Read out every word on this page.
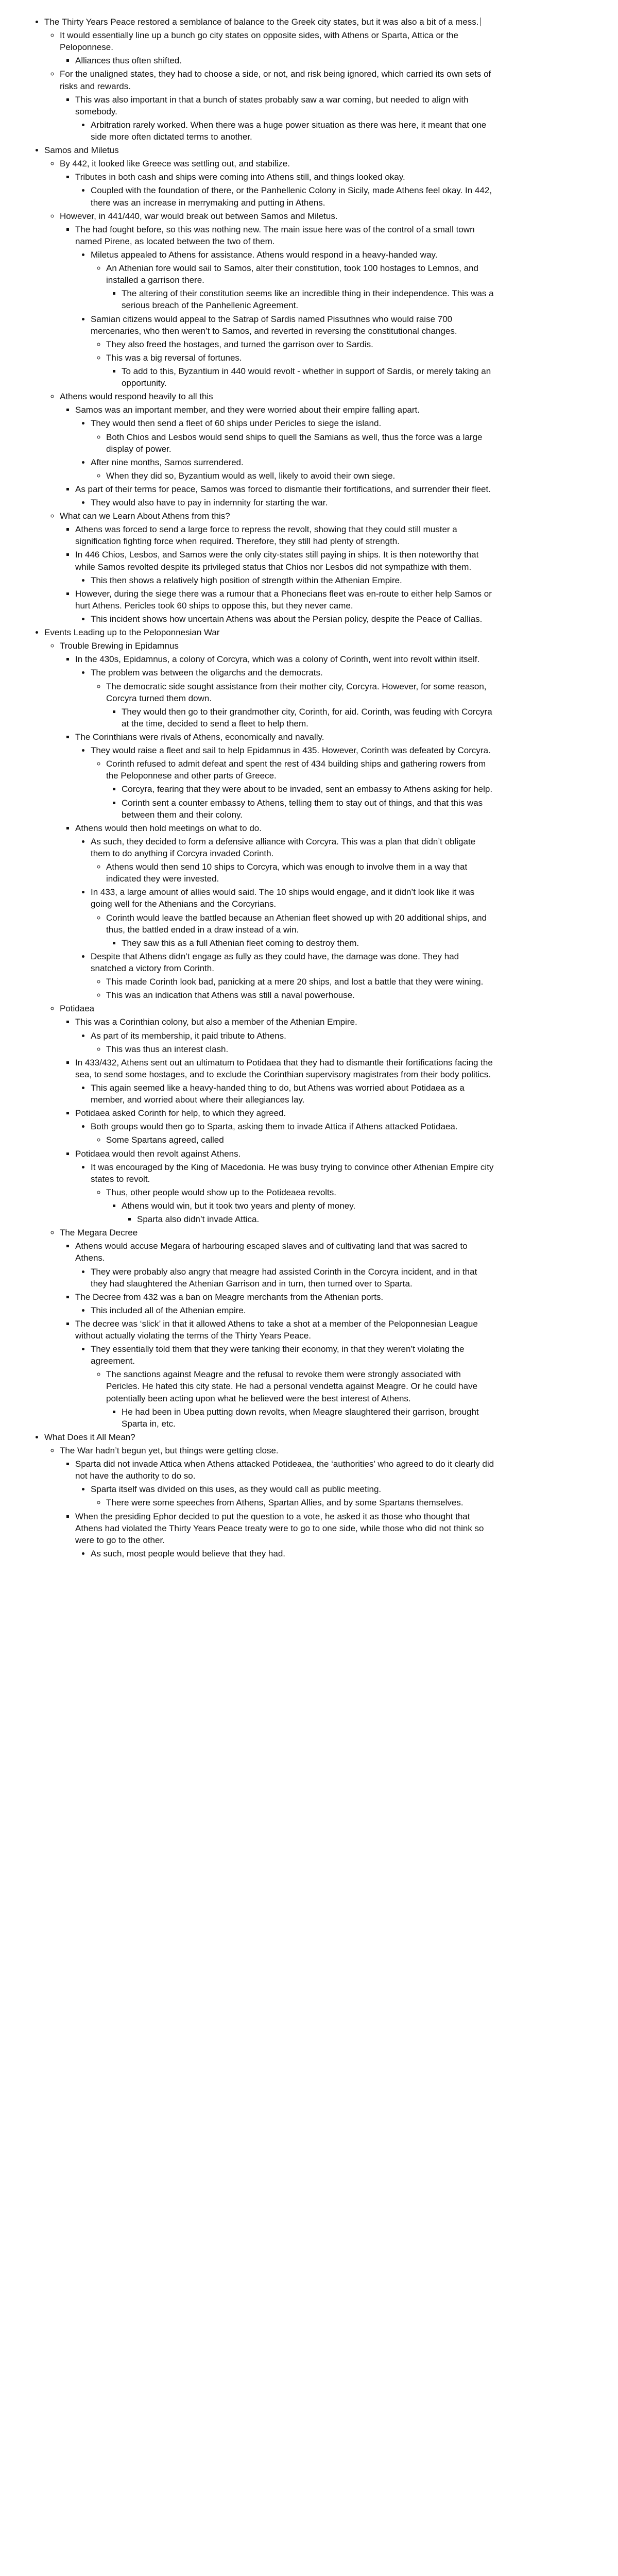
• The Thirty Years Peace restored a semblance of balance to the Greek city states, but it was also a bit of a mess.
◦ It would essentially line up a bunch go city states on opposite sides, with Athens or Sparta, Attica or the Peloponnese.
▪ Alliances thus often shifted.
◦ For the unaligned states, they had to choose a side, or not, and risk being ignored, which carried its own sets of risks and rewards.
▪ This was also important in that a bunch of states probably saw a war coming, but needed to align with somebody.
• Arbitration rarely worked. When there was a huge power situation as there was here, it meant that one side more often dictated terms to another.
• Samos and Miletus
◦ By 442, it looked like Greece was settling out, and stabilize.
▪ Tributes in both cash and ships were coming into Athens still, and things looked okay.
• Coupled with the foundation of there, or the Panhellenic Colony in Sicily, made Athens feel okay. In 442, there was an increase in merrymaking and putting in Athens.
◦ However, in 441/440, war would break out between Samos and Miletus.
▪ The had fought before, so this was nothing new. The main issue here was of the control of a small town named Pirene, as located between the two of them.
• Miletus appealed to Athens for assistance. Athens would respond in a heavy-handed way.
◦ An Athenian fore would sail to Samos, alter their constitution, took 100 hostages to Lemnos, and installed a garrison there.
▪ The altering of their constitution seems like an incredible thing in their independence. This was a serious breach of the Panhellenic Agreement.
• Samian citizens would appeal to the Satrap of Sardis named Pissuthnes who would raise 700 mercenaries, who then weren’t to Samos, and reverted in reversing the constitutional changes.
◦ They also freed the hostages, and turned the garrison over to Sardis.
◦ This was a big reversal of fortunes.
▪ To add to this, Byzantium in 440 would revolt - whether in support of Sardis, or merely taking an opportunity.
◦ Athens would respond heavily to all this
▪ Samos was an important member, and they were worried about their empire falling apart.
• They would then send a fleet of 60 ships under Pericles to siege the island.
◦ Both Chios and Lesbos would send ships to quell the Samians as well, thus the force was a large display of power.
• After nine months, Samos surrendered.
◦ When they did so, Byzantium would as well, likely to avoid their own siege.
▪ As part of their terms for peace, Samos was forced to dismantle their fortifications, and surrender their fleet.
• They would also have to pay in indemnity for starting the war.
◦ What can we Learn About Athens from this?
▪ Athens was forced to send a large force to repress the revolt, showing that they could still muster a signification fighting force when required. Therefore, they still had plenty of strength.
▪ In 446 Chios, Lesbos, and Samos were the only city-states still paying in ships. It is then noteworthy that while Samos revolted despite its privileged status that Chios nor Lesbos did not sympathize with them.
• This then shows a relatively high position of strength within the Athenian Empire.
▪ However, during the siege there was a rumour that a Phonecians fleet was en-route to either help Samos or hurt Athens. Pericles took 60 ships to oppose this, but they never came.
• This incident shows how uncertain Athens was about the Persian policy, despite the Peace of Callias.
• Events Leading up to the Peloponnesian War
◦ Trouble Brewing in Epidamnus
▪ In the 430s, Epidamnus, a colony of Corcyra, which was a colony of Corinth, went into revolt within itself.
• The problem was between the oligarchs and the democrats.
◦ The democratic side sought assistance from their mother city, Corcyra. However, for some reason, Corcyra turned them down.
▪ They would then go to their grandmother city, Corinth, for aid. Corinth, was feuding with Corcyra at the time, decided to send a fleet to help them.
▪ The Corinthians were rivals of Athens, economically and navally.
• They would raise a fleet and sail to help Epidamnus in 435. However, Corinth was defeated by Corcyra.
◦ Corinth refused to admit defeat and spent the rest of 434 building ships and gathering rowers from the Peloponnese and other parts of Greece.
▪ Corcyra, fearing that they were about to be invaded, sent an embassy to Athens asking for help.
▪ Corinth sent a counter embassy to Athens, telling them to stay out of things, and that this was between them and their colony.
▪ Athens would then hold meetings on what to do.
• As such, they decided to form a defensive alliance with Corcyra. This was a plan that didn’t obligate them to do anything if Corcyra invaded Corinth.
◦ Athens would then send 10 ships to Corcyra, which was enough to involve them in a way that indicated they were invested.
• In 433, a large amount of allies would said. The 10 ships would engage, and it didn’t look like it was going well for the Athenians and the Corcyrians.
◦ Corinth would leave the battled because an Athenian fleet showed up with 20 additional ships, and thus, the battled ended in a draw instead of a win.
▪ They saw this as a full Athenian fleet coming to destroy them.
• Despite that Athens didn’t engage as fully as they could have, the damage was done. They had snatched a victory from Corinth.
◦ This made Corinth look bad, panicking at a mere 20 ships, and lost a battle that they were wining.
◦ This was an indication that Athens was still a naval powerhouse.
◦ Potidaea
▪ This was a Corinthian colony, but also a member of the Athenian Empire.
• As part of its membership, it paid tribute to Athens.
◦ This was thus an interest clash.
▪ In 433/432, Athens sent out an ultimatum to Potidaea that they had to dismantle their fortifications facing the sea, to send some hostages, and to exclude the Corinthian supervisory magistrates from their body politics.
• This again seemed like a heavy-handed thing to do, but Athens was worried about Potidaea as a member, and worried about where their allegiances lay.
▪ Potidaea asked Corinth for help, to which they agreed.
• Both groups would then go to Sparta, asking them to invade Attica if Athens attacked Potidaea.
◦ Some Spartans agreed, called
▪ Potidaea would then revolt against Athens.
• It was encouraged by the King of Macedonia. He was busy trying to convince other Athenian Empire city states to revolt.
◦ Thus, other people would show up to the Potideaea revolts.
▪ Athens would win, but it took two years and plenty of money.
▪ Sparta also didn’t invade Attica.
◦ The Megara Decree
▪ Athens would accuse Megara of harbouring escaped slaves and of cultivating land that was sacred to Athens.
• They were probably also angry that meagre had assisted Corinth in the Corcyra incident, and in that they had slaughtered the Athenian Garrison and in turn, then turned over to Sparta.
▪ The Decree from 432 was a ban on Meagre merchants from the Athenian ports.
• This included all of the Athenian empire.
▪ The decree was ‘slick’ in that it allowed Athens to take a shot at a member of the Peloponnesian League without actually violating the terms of the Thirty Years Peace.
• They essentially told them that they were tanking their economy, in that they weren’t violating the agreement.
◦ The sanctions against Meagre and the refusal to revoke them were strongly associated with Pericles. He hated this city state. He had a personal vendetta against Meagre. Or he could have potentially been acting upon what he believed were the best interest of Athens.
▪ He had been in Ubea putting down revolts, when Meagre slaughtered their garrison, brought Sparta in, etc.
• What Does it All Mean?
◦ The War hadn’t begun yet, but things were getting close.
▪ Sparta did not invade Attica when Athens attacked Potideaea, the ‘authorities’ who agreed to do it clearly did not have the authority to do so.
• Sparta itself was divided on this uses, as they would call as public meeting.
◦ There were some speeches from Athens, Spartan Allies, and by some Spartans themselves.
▪ When the presiding Ephor decided to put the question to a vote, he asked it as those who thought that Athens had violated the Thirty Years Peace treaty were to go to one side, while those who did not think so were to go to the other.
• As such, most people would believe that they had.
